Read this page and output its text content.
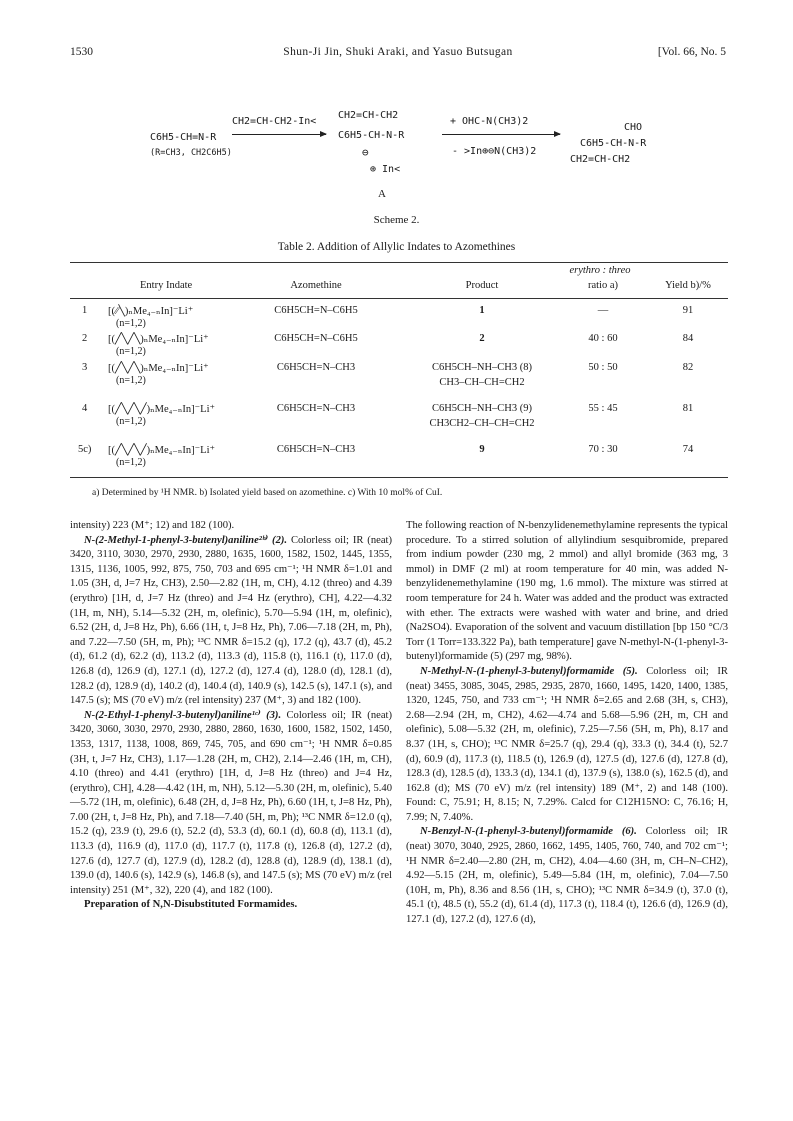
1530	Shun-Ji Jin, Shuki Araki, and Yasuo Butsugan	[Vol. 66, No. 5
C6H5-CH=N-R
(R=CH3, CH2C6H5)
CH2=CH-CH2-In<
CH2=CH-CH2
C6H5-CH-N-R
⊖
⊕ In<
A
+ OHC-N(CH3)2
- >In⊕⊖N(CH3)2
CHO
C6H5-CH-N-R
CH2=CH-CH2
Scheme 2.
Table 2. Addition of Allylic Indates to Azomethines
erythro : threo
Entry Indate	Azomethine	Product	ratio a)	Yield b)/%
1 [(⁄⁄╲)ₙMe₄₋ₙIn]⁻Li⁺
(n=1,2)
C6H5CH=N–C6H5	1	—	91
2 [(╱╲╱╲)ₙMe₄₋ₙIn]⁻Li⁺
(n=1,2)
C6H5CH=N–C6H5	2	40 : 60	84
3 [(╱╲╱╲)ₙMe₄₋ₙIn]⁻Li⁺
(n=1,2)
C6H5CH=N–CH3	C6H5CH–NH–CH3 (8)
CH3–CH–CH=CH2
50 : 50	82
4 [(╱╲╱╲╱)ₙMe₄₋ₙIn]⁻Li⁺
(n=1,2)
C6H5CH=N–CH3	C6H5CH–NH–CH3 (9)
CH3CH2–CH–CH=CH2
55 : 45	81
5c) [(╱╲╱╲╱)ₙMe₄₋ₙIn]⁻Li⁺
(n=1,2)
C6H5CH=N–CH3	9	70 : 30	74
a) Determined by ¹H NMR. b) Isolated yield based on azomethine. c) With 10 mol% of CuI.

intensity) 223 (M⁺; 12) and 182 (100).

N-(2-Methyl-1-phenyl-3-butenyl)aniline²ᵇ⁾ (2). Colorless oil; IR (neat) 3420, 3110, 3030, 2970, 2930, 2880, 1635, 1600, 1582, 1502, 1445, 1355, 1315, 1136, 1005, 992, 875, 750, 703 and 695 cm⁻¹; ¹H NMR δ=1.01 and 1.05 (3H, d, J=7 Hz, CH3), 2.50—2.82 (1H, m, CH), 4.12 (threo) and 4.39 (erythro) [1H, d, J=7 Hz (threo) and J=4 Hz (erythro), CH], 4.22—4.32 (1H, m, NH), 5.14—5.32 (2H, m, olefinic), 5.70—5.94 (1H, m, olefinic), 6.52 (2H, d, J=8 Hz, Ph), 6.66 (1H, t, J=8 Hz, Ph), 7.06—7.18 (2H, m, Ph), and 7.22—7.50 (5H, m, Ph); ¹³C NMR δ=15.2 (q), 17.2 (q), 43.7 (d), 45.2 (d), 61.2 (d), 62.2 (d), 113.2 (d), 113.3 (d), 115.8 (t), 116.1 (t), 117.0 (d), 126.8 (d), 126.9 (d), 127.1 (d), 127.2 (d), 127.4 (d), 128.0 (d), 128.1 (d), 128.2 (d), 128.9 (d), 140.2 (d), 140.4 (d), 140.9 (s), 142.5 (s), 147.1 (s), and 147.5 (s); MS (70 eV) m/z (rel intensity) 237 (M⁺, 3) and 182 (100).

N-(2-Ethyl-1-phenyl-3-butenyl)aniline¹ᶜ⁾ (3). Colorless oil; IR (neat) 3420, 3060, 3030, 2970, 2930, 2880, 2860, 1630, 1600, 1582, 1502, 1450, 1353, 1317, 1138, 1008, 869, 745, 705, and 690 cm⁻¹; ¹H NMR δ=0.85 (3H, t, J=7 Hz, CH3), 1.17—1.28 (2H, m, CH2), 2.14—2.46 (1H, m, CH), 4.10 (threo) and 4.41 (erythro) [1H, d, J=8 Hz (threo) and J=4 Hz, (erythro), CH], 4.28—4.42 (1H, m, NH), 5.12—5.30 (2H, m, olefinic), 5.40—5.72 (1H, m, olefinic), 6.48 (2H, d, J=8 Hz, Ph), 6.60 (1H, t, J=8 Hz, Ph), 7.00 (2H, t, J=8 Hz, Ph), and 7.18—7.40 (5H, m, Ph); ¹³C NMR δ=12.0 (q), 15.2 (q), 23.9 (t), 29.6 (t), 52.2 (d), 53.3 (d), 60.1 (d), 60.8 (d), 113.1 (d), 113.3 (d), 116.9 (d), 117.0 (d), 117.7 (t), 117.8 (t), 126.8 (d), 127.2 (d), 127.6 (d), 127.7 (d), 127.9 (d), 128.2 (d), 128.8 (d), 128.9 (d), 138.1 (d), 139.0 (d), 140.6 (s), 142.9 (s), 146.8 (s), and 147.5 (s); MS (70 eV) m/z (rel intensity) 251 (M⁺, 32), 220 (4), and 182 (100).

Preparation of N,N-Disubstituted Formamides.

The following reaction of N-benzylidenemethylamine represents the typical procedure. To a stirred solution of allylindium sesquibromide, prepared from indium powder (230 mg, 2 mmol) and allyl bromide (363 mg, 3 mmol) in DMF (2 ml) at room temperature for 40 min, was added N-benzylidenemethylamine (190 mg, 1.6 mmol). The mixture was stirred at room temperature for 24 h. Water was added and the product was extracted with ether. The extracts were washed with water and brine, and dried (Na2SO4). Evaporation of the solvent and vacuum distillation [bp 150 °C/3 Torr (1 Torr=133.322 Pa), bath temperature] gave N-methyl-N-(1-phenyl-3-butenyl)formamide (5) (297 mg, 98%).

N-Methyl-N-(1-phenyl-3-butenyl)formamide (5). Colorless oil; IR (neat) 3455, 3085, 3045, 2985, 2935, 2870, 1660, 1495, 1420, 1400, 1385, 1320, 1245, 750, and 733 cm⁻¹; ¹H NMR δ=2.65 and 2.68 (3H, s, CH3), 2.68—2.94 (2H, m, CH2), 4.62—4.74 and 5.68—5.96 (2H, m, CH and olefinic), 5.08—5.32 (2H, m, olefinic), 7.25—7.56 (5H, m, Ph), 8.17 and 8.37 (1H, s, CHO); ¹³C NMR δ=25.7 (q), 29.4 (q), 33.3 (t), 34.4 (t), 52.7 (d), 60.9 (d), 117.3 (t), 118.5 (t), 126.9 (d), 127.5 (d), 127.6 (d), 127.8 (d), 128.3 (d), 128.5 (d), 133.3 (d), 134.1 (d), 137.9 (s), 138.0 (s), 162.5 (d), and 162.8 (d); MS (70 eV) m/z (rel intensity) 189 (M⁺, 2) and 148 (100). Found: C, 75.91; H, 8.15; N, 7.29%. Calcd for C12H15NO: C, 76.16; H, 7.99; N, 7.40%.

N-Benzyl-N-(1-phenyl-3-butenyl)formamide (6). Colorless oil; IR (neat) 3070, 3040, 2925, 2860, 1662, 1495, 1405, 760, 740, and 702 cm⁻¹; ¹H NMR δ=2.40—2.80 (2H, m, CH2), 4.04—4.60 (3H, m, CH–N–CH2), 4.92—5.15 (2H, m, olefinic), 5.49—5.84 (1H, m, olefinic), 7.04—7.50 (10H, m, Ph), 8.36 and 8.56 (1H, s, CHO); ¹³C NMR δ=34.9 (t), 37.0 (t), 45.1 (t), 48.5 (t), 55.2 (d), 61.4 (d), 117.3 (t), 118.4 (t), 126.6 (d), 126.9 (d), 127.1 (d), 127.2 (d), 127.6 (d),
